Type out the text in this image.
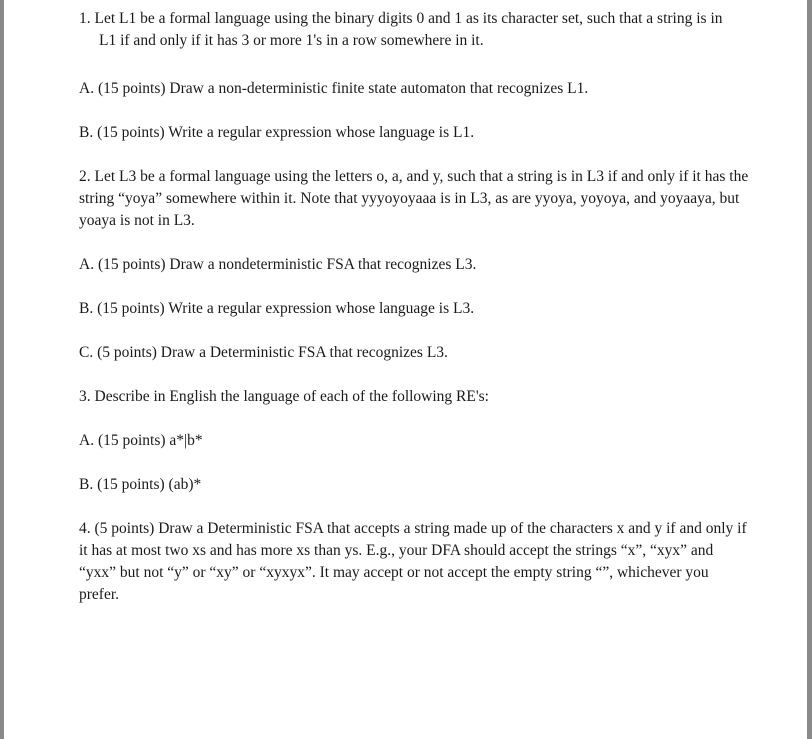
1. Let L1 be a formal language using the binary digits 0 and 1 as its character set, such that a string is in
L1 if and only if it has 3 or more 1's in a row somewhere in it.

A. (15 points) Draw a non-deterministic finite state automaton that recognizes L1.

B. (15 points) Write a regular expression whose language is L1.

2. Let L3 be a formal language using the letters o, a, and y, such that a string is in L3 if and only if it has the string “yoya” somewhere within it. Note that yyyoyoyaaa is in L3, as are yyoya, yoyoya, and yoyaaya, but yoaya is not in L3.

A. (15 points) Draw a nondeterministic FSA that recognizes L3.

B. (15 points) Write a regular expression whose language is L3.

C. (5 points) Draw a Deterministic FSA that recognizes L3.

3. Describe in English the language of each of the following RE's:

A. (15 points) a*|b*

B. (15 points) (ab)*

4. (5 points) Draw a Deterministic FSA that accepts a string made up of the characters x and y if and only if it has at most two xs and has more xs than ys. E.g., your DFA should accept the strings “x”, “xyx” and “yxx” but not “y” or “xy” or “xyxyx”. It may accept or not accept the empty string “”, whichever you prefer.
